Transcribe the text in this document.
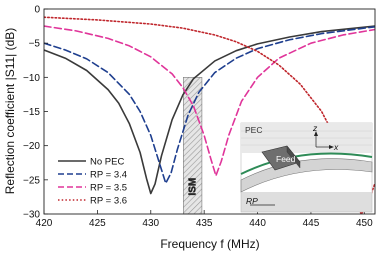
ISM
420	425	430	435	440	445	450
0
−5
−10
−15
−20
−25
−30
Frequency f (MHz)
Reflection coefficient |S11| (dB)	No PEC
RP = 3.4
RP = 3.5
RP = 3.6
PEC
Feed
Shell
RP
z
x
